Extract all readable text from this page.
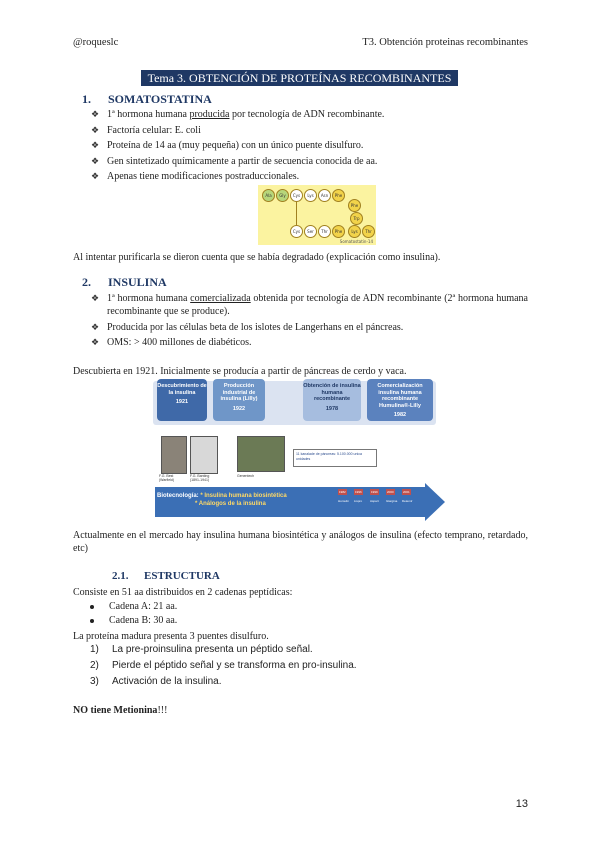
@roqueslc	T3. Obtención proteinas recombinantes
Tema 3. OBTENCIÓN DE PROTEÍNAS RECOMBINANTES
1. SOMATOSTATINA
❖ 1ª hormona humana producida por tecnología de ADN recombinante.
❖ Factoría celular: E. coli
❖ Proteína de 14 aa (muy pequeña) con un único puente disulfuro.
❖ Gen sintetizado químicamente a partir de secuencia conocida de aa.
❖ Apenas tiene modificaciones postraduccionales.
Ala	Gly	Cys	Lys	Asn	Phe
Phe
Trp
Lys
Cys	Ser	Thr	Phe	Thr
Somatostatin-14
Al intentar purificarla se dieron cuenta que se había degradado (explicación como insulina).
2. INSULINA
❖ 1ª hormona humana comercializada obtenida por tecnología de ADN recombinante (2ª hormona humana recombinante que se produce).
❖ Producida por las células beta de los islotes de Langerhans en el páncreas.
❖ OMS: > 400 millones de diabéticos.
Descubierta en 1921. Inicialmente se producía a partir de páncreas de cerdo y vaca.
Descubrimiento de la insulina
1921
Producción industrial de insulina (Lilly)
1922
Obtención de insulina humana recombinante
1978
Comercialización insulina humana recombinante Humulina®-Lilly
1982
F.G. Best (Warfield)
F.G. Banting (1891-1941)
Genentech
11 kanalade de páncreas: 5.100.000 unica unidades
Biotecnología: * Insulina humana biosintética
* Análogos de la insulina
1982	1996	1999	2000	2001
Humulin Lispro	Aspart Glargina Detemir
Actualmente en el mercado hay insulina humana biosintética y análogos de insulina (efecto temprano, retardado, etc)
2.1. ESTRUCTURA
Consiste en 51 aa distribuidos en 2 cadenas peptídicas:
Cadena A: 21 aa.
Cadena B: 30 aa.
La proteína madura presenta 3 puentes disulfuro.
1) La pre-proinsulina presenta un péptido señal.
2) Pierde el péptido señal y se transforma en pro-insulina.
3) Activación de la insulina.
NO tiene Metionina!!!
13
